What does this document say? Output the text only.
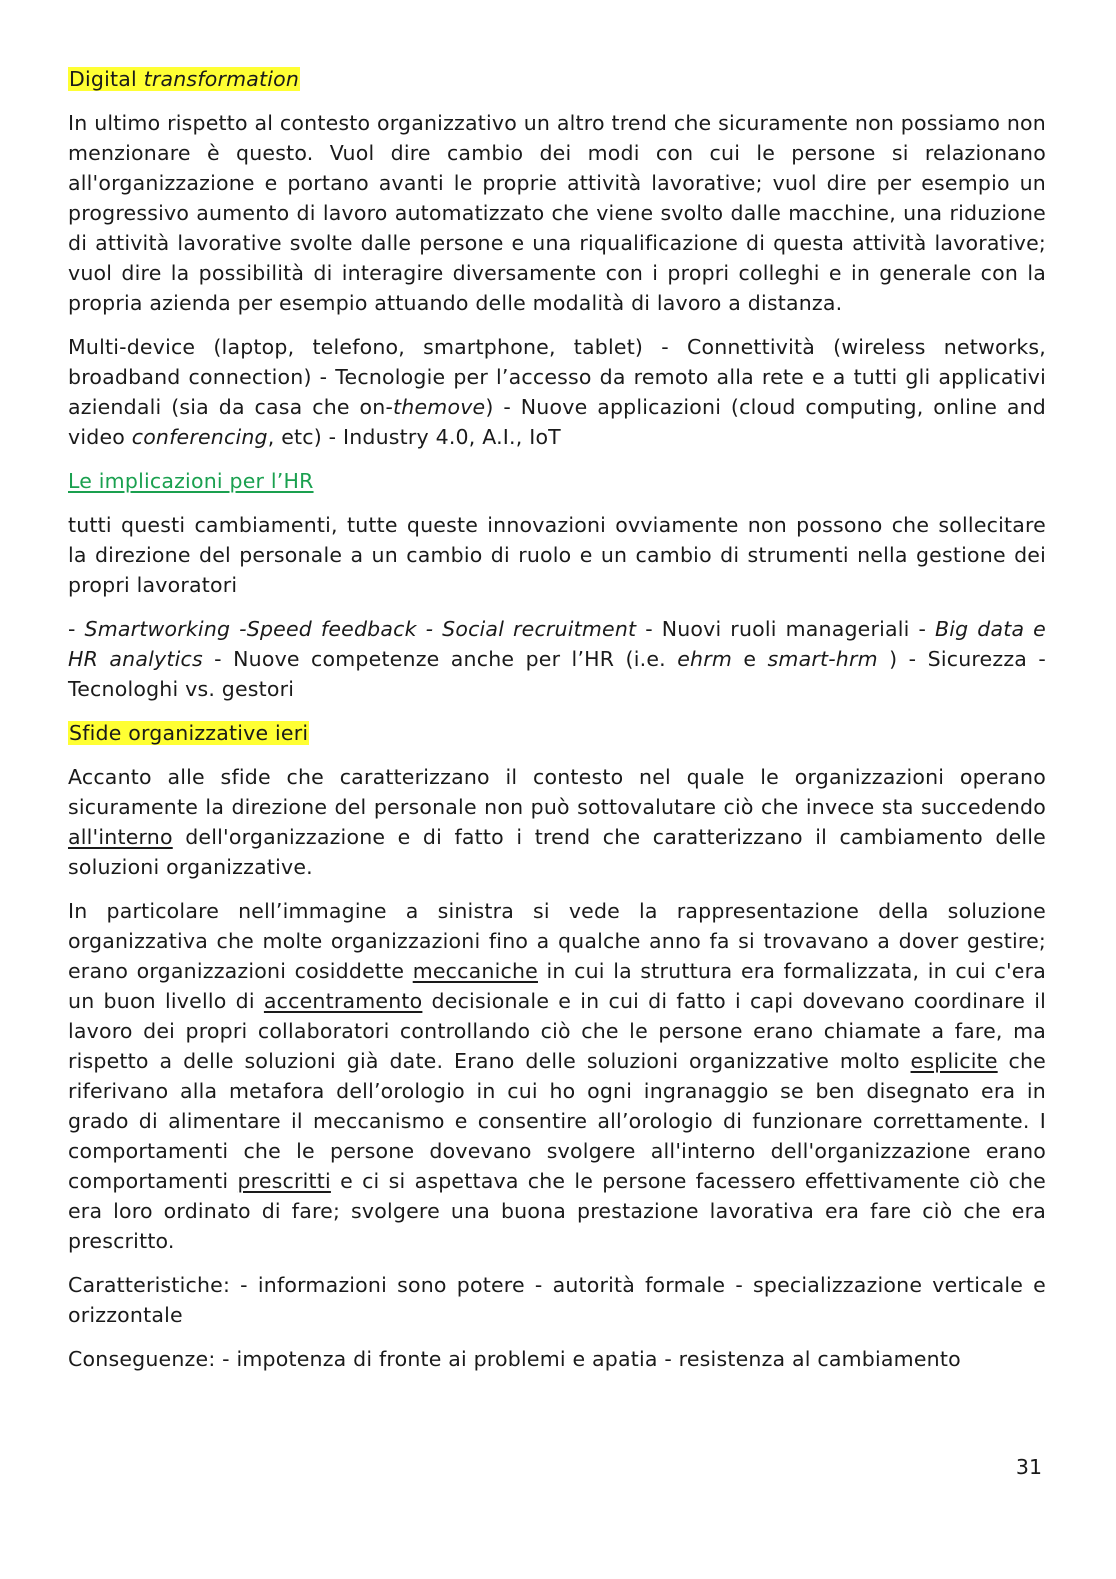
Digital transformation

In ultimo rispetto al contesto organizzativo un altro trend che sicuramente non possiamo non menzionare è questo. Vuol dire cambio dei modi con cui le persone si relazionano all'organizzazione e portano avanti le proprie attività lavorative; vuol dire per esempio un progressivo aumento di lavoro automatizzato che viene svolto dalle macchine, una riduzione di attività lavorative svolte dalle persone e una riqualificazione di questa attività lavorative; vuol dire la possibilità di interagire diversamente con i propri colleghi e in generale con la propria azienda per esempio attuando delle modalità di lavoro a distanza.

Multi-device (laptop, telefono, smartphone, tablet) - Connettività (wireless networks, broadband connection) - Tecnologie per l’accesso da remoto alla rete e a tutti gli applicativi aziendali (sia da casa che on-themove) - Nuove applicazioni (cloud computing, online and video conferencing, etc) - Industry 4.0, A.I., IoT

Le implicazioni per l’HR

tutti questi cambiamenti, tutte queste innovazioni ovviamente non possono che sollecitare la direzione del personale a un cambio di ruolo e un cambio di strumenti nella gestione dei propri lavoratori

- Smartworking -Speed feedback - Social recruitment - Nuovi ruoli manageriali - Big data e HR analytics - Nuove competenze anche per l’HR (i.e. ehrm e smart-hrm ) - Sicurezza - Tecnologhi vs. gestori

Sfide organizzative ieri

Accanto alle sfide che caratterizzano il contesto nel quale le organizzazioni operano sicuramente la direzione del personale non può sottovalutare ciò che invece sta succedendo all'interno dell'organizzazione e di fatto i trend che caratterizzano il cambiamento delle soluzioni organizzative.

In particolare nell’immagine a sinistra si vede la rappresentazione della soluzione organizzativa che molte organizzazioni fino a qualche anno fa si trovavano a dover gestire; erano organizzazioni cosiddette meccaniche in cui la struttura era formalizzata, in cui c'era un buon livello di accentramento decisionale e in cui di fatto i capi dovevano coordinare il lavoro dei propri collaboratori controllando ciò che le persone erano chiamate a fare, ma rispetto a delle soluzioni già date. Erano delle soluzioni organizzative molto esplicite che riferivano alla metafora dell’orologio in cui ho ogni ingranaggio se ben disegnato era in grado di alimentare il meccanismo e consentire all’orologio di funzionare correttamente. I comportamenti che le persone dovevano svolgere all'interno dell'organizzazione erano comportamenti prescritti e ci si aspettava che le persone facessero effettivamente ciò che era loro ordinato di fare; svolgere una buona prestazione lavorativa era fare ciò che era prescritto.

Caratteristiche: - informazioni sono potere - autorità formale - specializzazione verticale e orizzontale

Conseguenze: - impotenza di fronte ai problemi e apatia - resistenza al cambiamento

31
